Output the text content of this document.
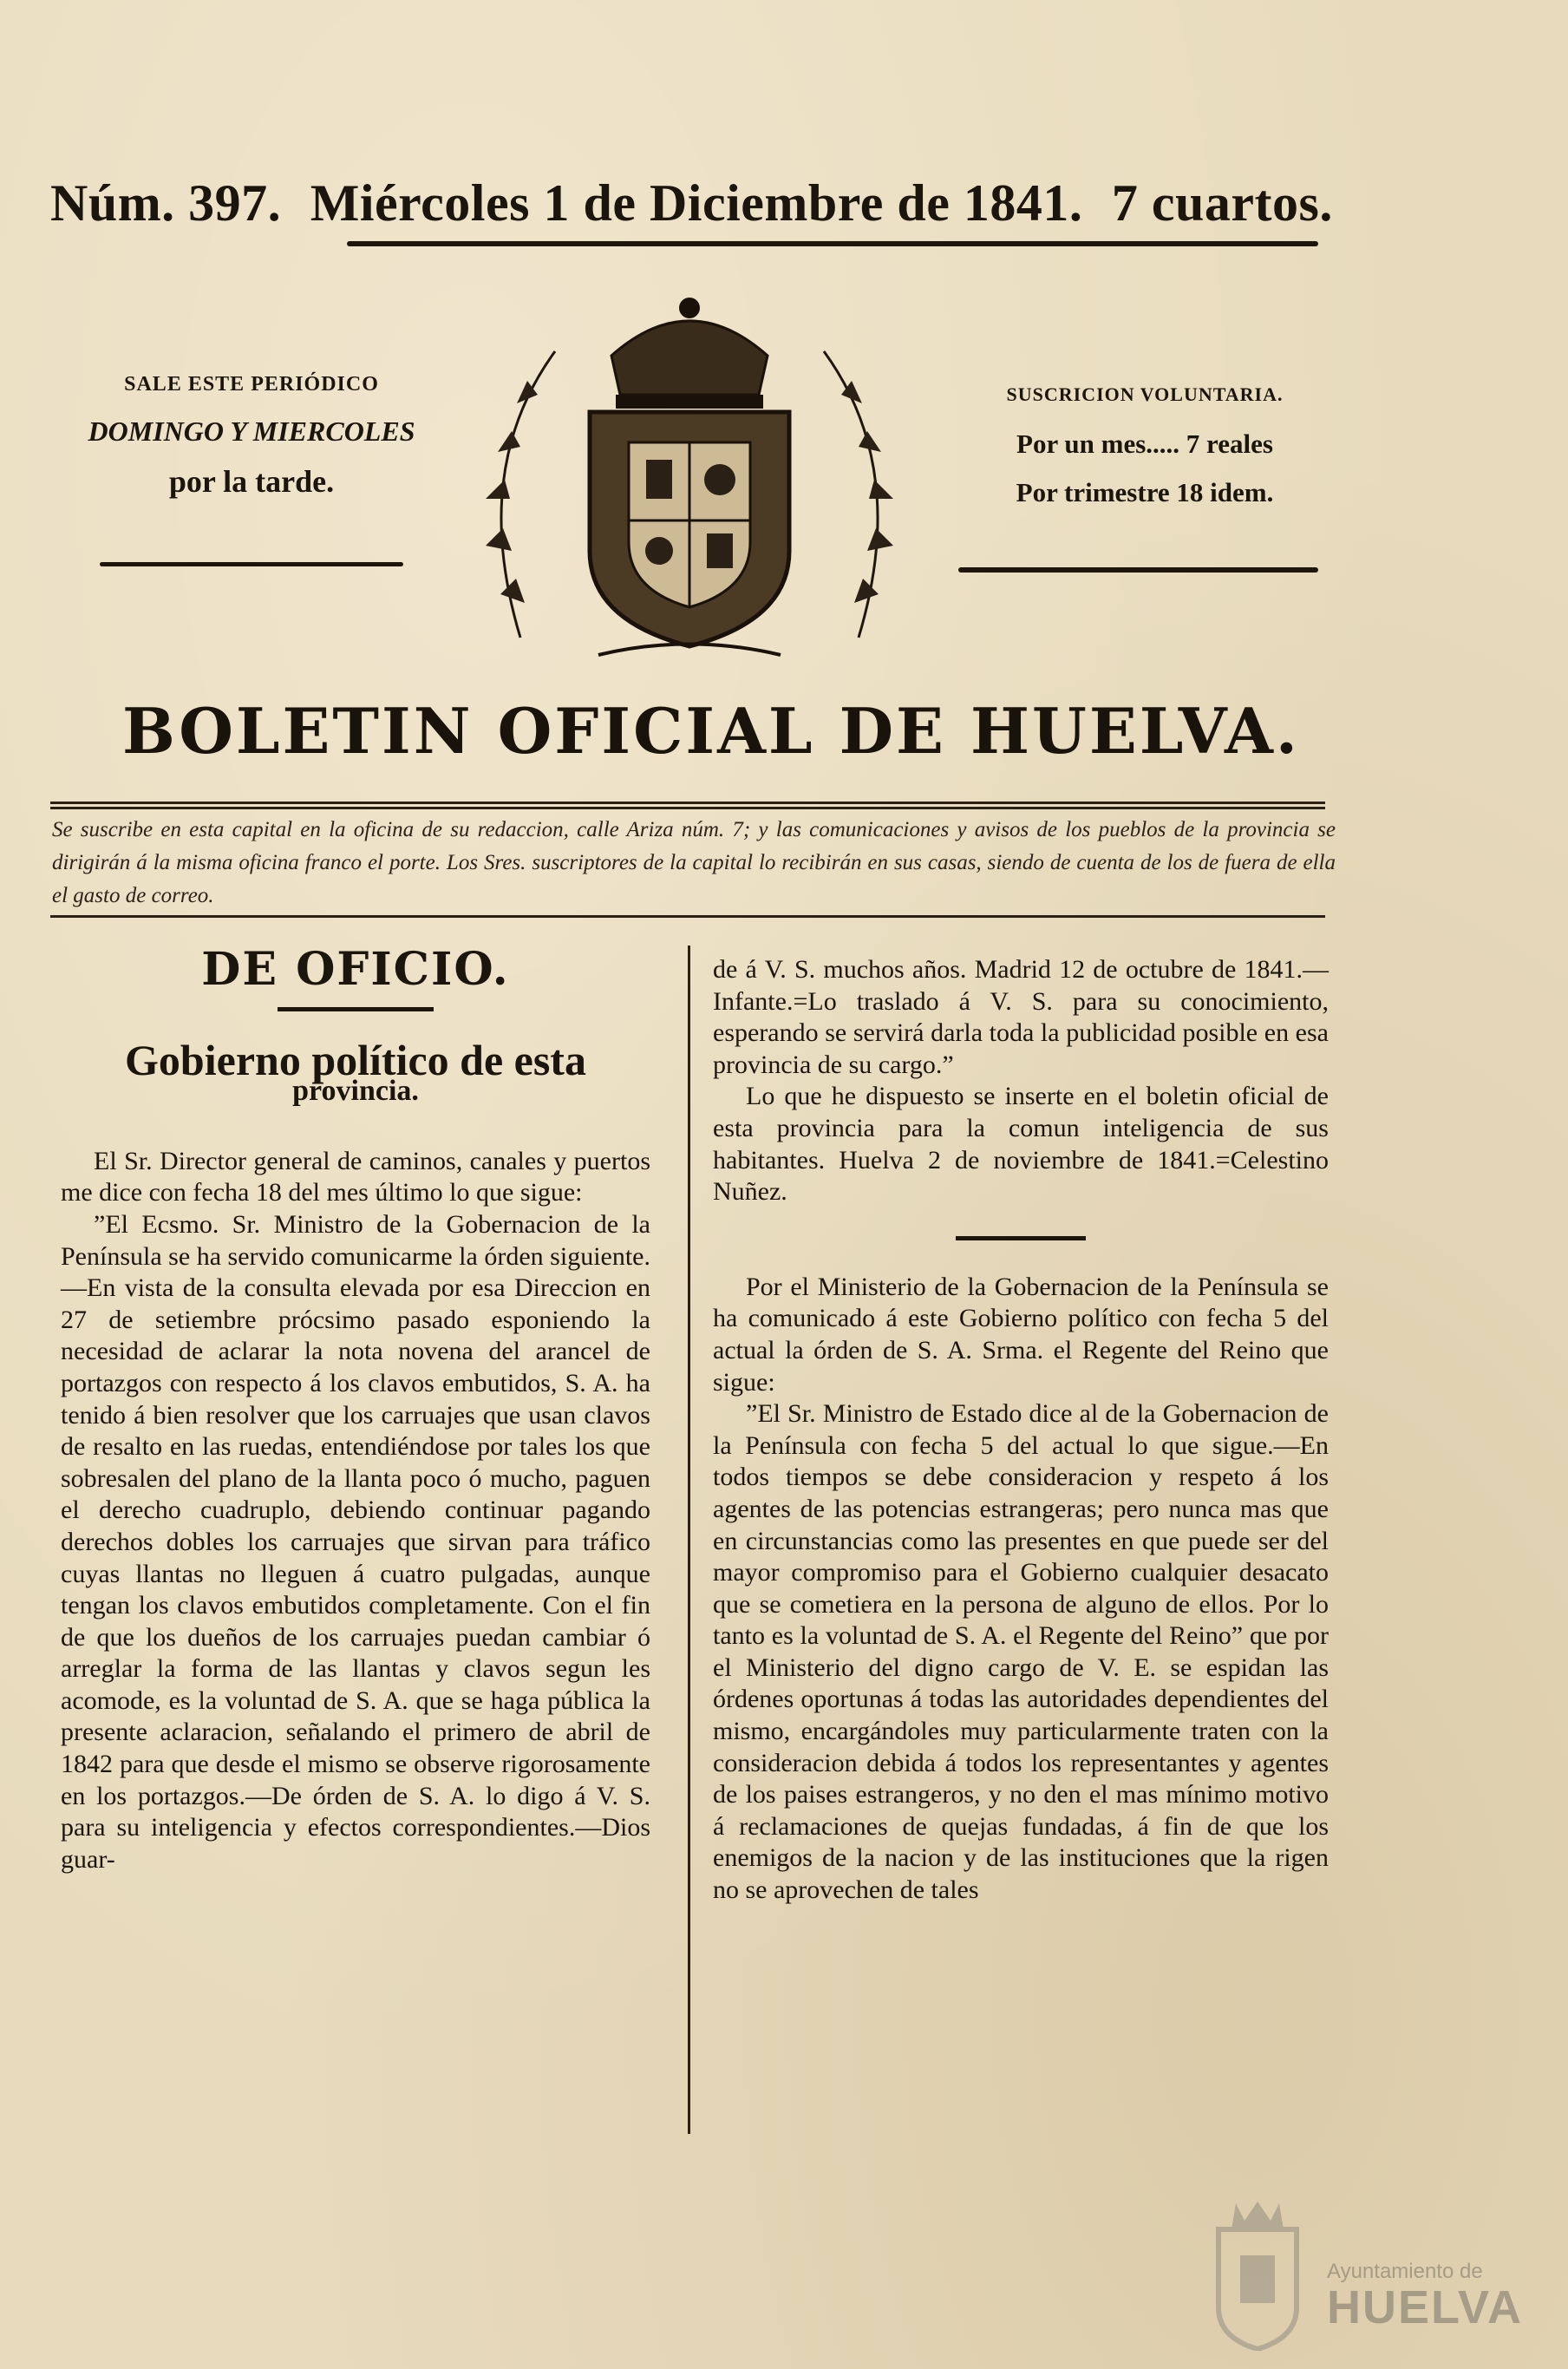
Núm. 397. Miércoles 1 de Diciembre de 1841. 7 cuartos.
SALE ESTE PERIÓDICO
DOMINGO Y MIERCOLES
por la tarde.
SUSCRICION VOLUNTARIA.
Por un mes..... 7 reales
Por trimestre 18 idem.
BOLETIN OFICIAL DE HUELVA.
Se suscribe en esta capital en la oficina de su redaccion, calle Ariza núm. 7; y las comunicaciones y avisos de los pueblos de la provincia se dirigirán á la misma oficina franco el porte. Los Sres. suscriptores de la capital lo recibirán en sus casas, siendo de cuenta de los de fuera de ella el gasto de correo.
DE OFICIO.
Gobierno político de esta
provincia.

El Sr. Director general de caminos, canales y puertos me dice con fecha 18 del mes último lo que sigue:

”El Ecsmo. Sr. Ministro de la Gobernacion de la Península se ha servido comunicarme la órden siguiente.—En vista de la consulta elevada por esa Direccion en 27 de setiembre prócsimo pasado esponiendo la necesidad de aclarar la nota novena del arancel de portazgos con respecto á los clavos embutidos, S. A. ha tenido á bien resolver que los carruajes que usan clavos de resalto en las ruedas, entendiéndose por tales los que sobresalen del plano de la llanta poco ó mucho, paguen el derecho cuadruplo, debiendo continuar pagando derechos dobles los carruajes que sirvan para tráfico cuyas llantas no lleguen á cuatro pulgadas, aunque tengan los clavos embutidos completamente. Con el fin de que los dueños de los carruajes puedan cambiar ó arreglar la forma de las llantas y clavos segun les acomode, es la voluntad de S. A. que se haga pública la presente aclaracion, señalando el primero de abril de 1842 para que desde el mismo se observe rigorosamente en los portazgos.—De órden de S. A. lo digo á V. S. para su inteligencia y efectos correspondientes.—Dios guar-

de á V. S. muchos años. Madrid 12 de octubre de 1841.—Infante.=Lo traslado á V. S. para su conocimiento, esperando se servirá darla toda la publicidad posible en esa provincia de su cargo.”

Lo que he dispuesto se inserte en el boletin oficial de esta provincia para la comun inteligencia de sus habitantes. Huelva 2 de noviembre de 1841.=Celestino Nuñez.

Por el Ministerio de la Gobernacion de la Península se ha comunicado á este Gobierno político con fecha 5 del actual la órden de S. A. Srma. el Regente del Reino que sigue:

”El Sr. Ministro de Estado dice al de la Gobernacion de la Península con fecha 5 del actual lo que sigue.—En todos tiempos se debe consideracion y respeto á los agentes de las potencias estrangeras; pero nunca mas que en circunstancias como las presentes en que puede ser del mayor compromiso para el Gobierno cualquier desacato que se cometiera en la persona de alguno de ellos. Por lo tanto es la voluntad de S. A. el Regente del Reino” que por el Ministerio del digno cargo de V. E. se espidan las órdenes oportunas á todas las autoridades dependientes del mismo, encargándoles muy particularmente traten con la consideracion debida á todos los representantes y agentes de los paises estrangeros, y no den el mas mínimo motivo á reclamaciones de quejas fundadas, á fin de que los enemigos de la nacion y de las instituciones que la rigen no se aprovechen de tales

Ayuntamiento de
HUELVA
